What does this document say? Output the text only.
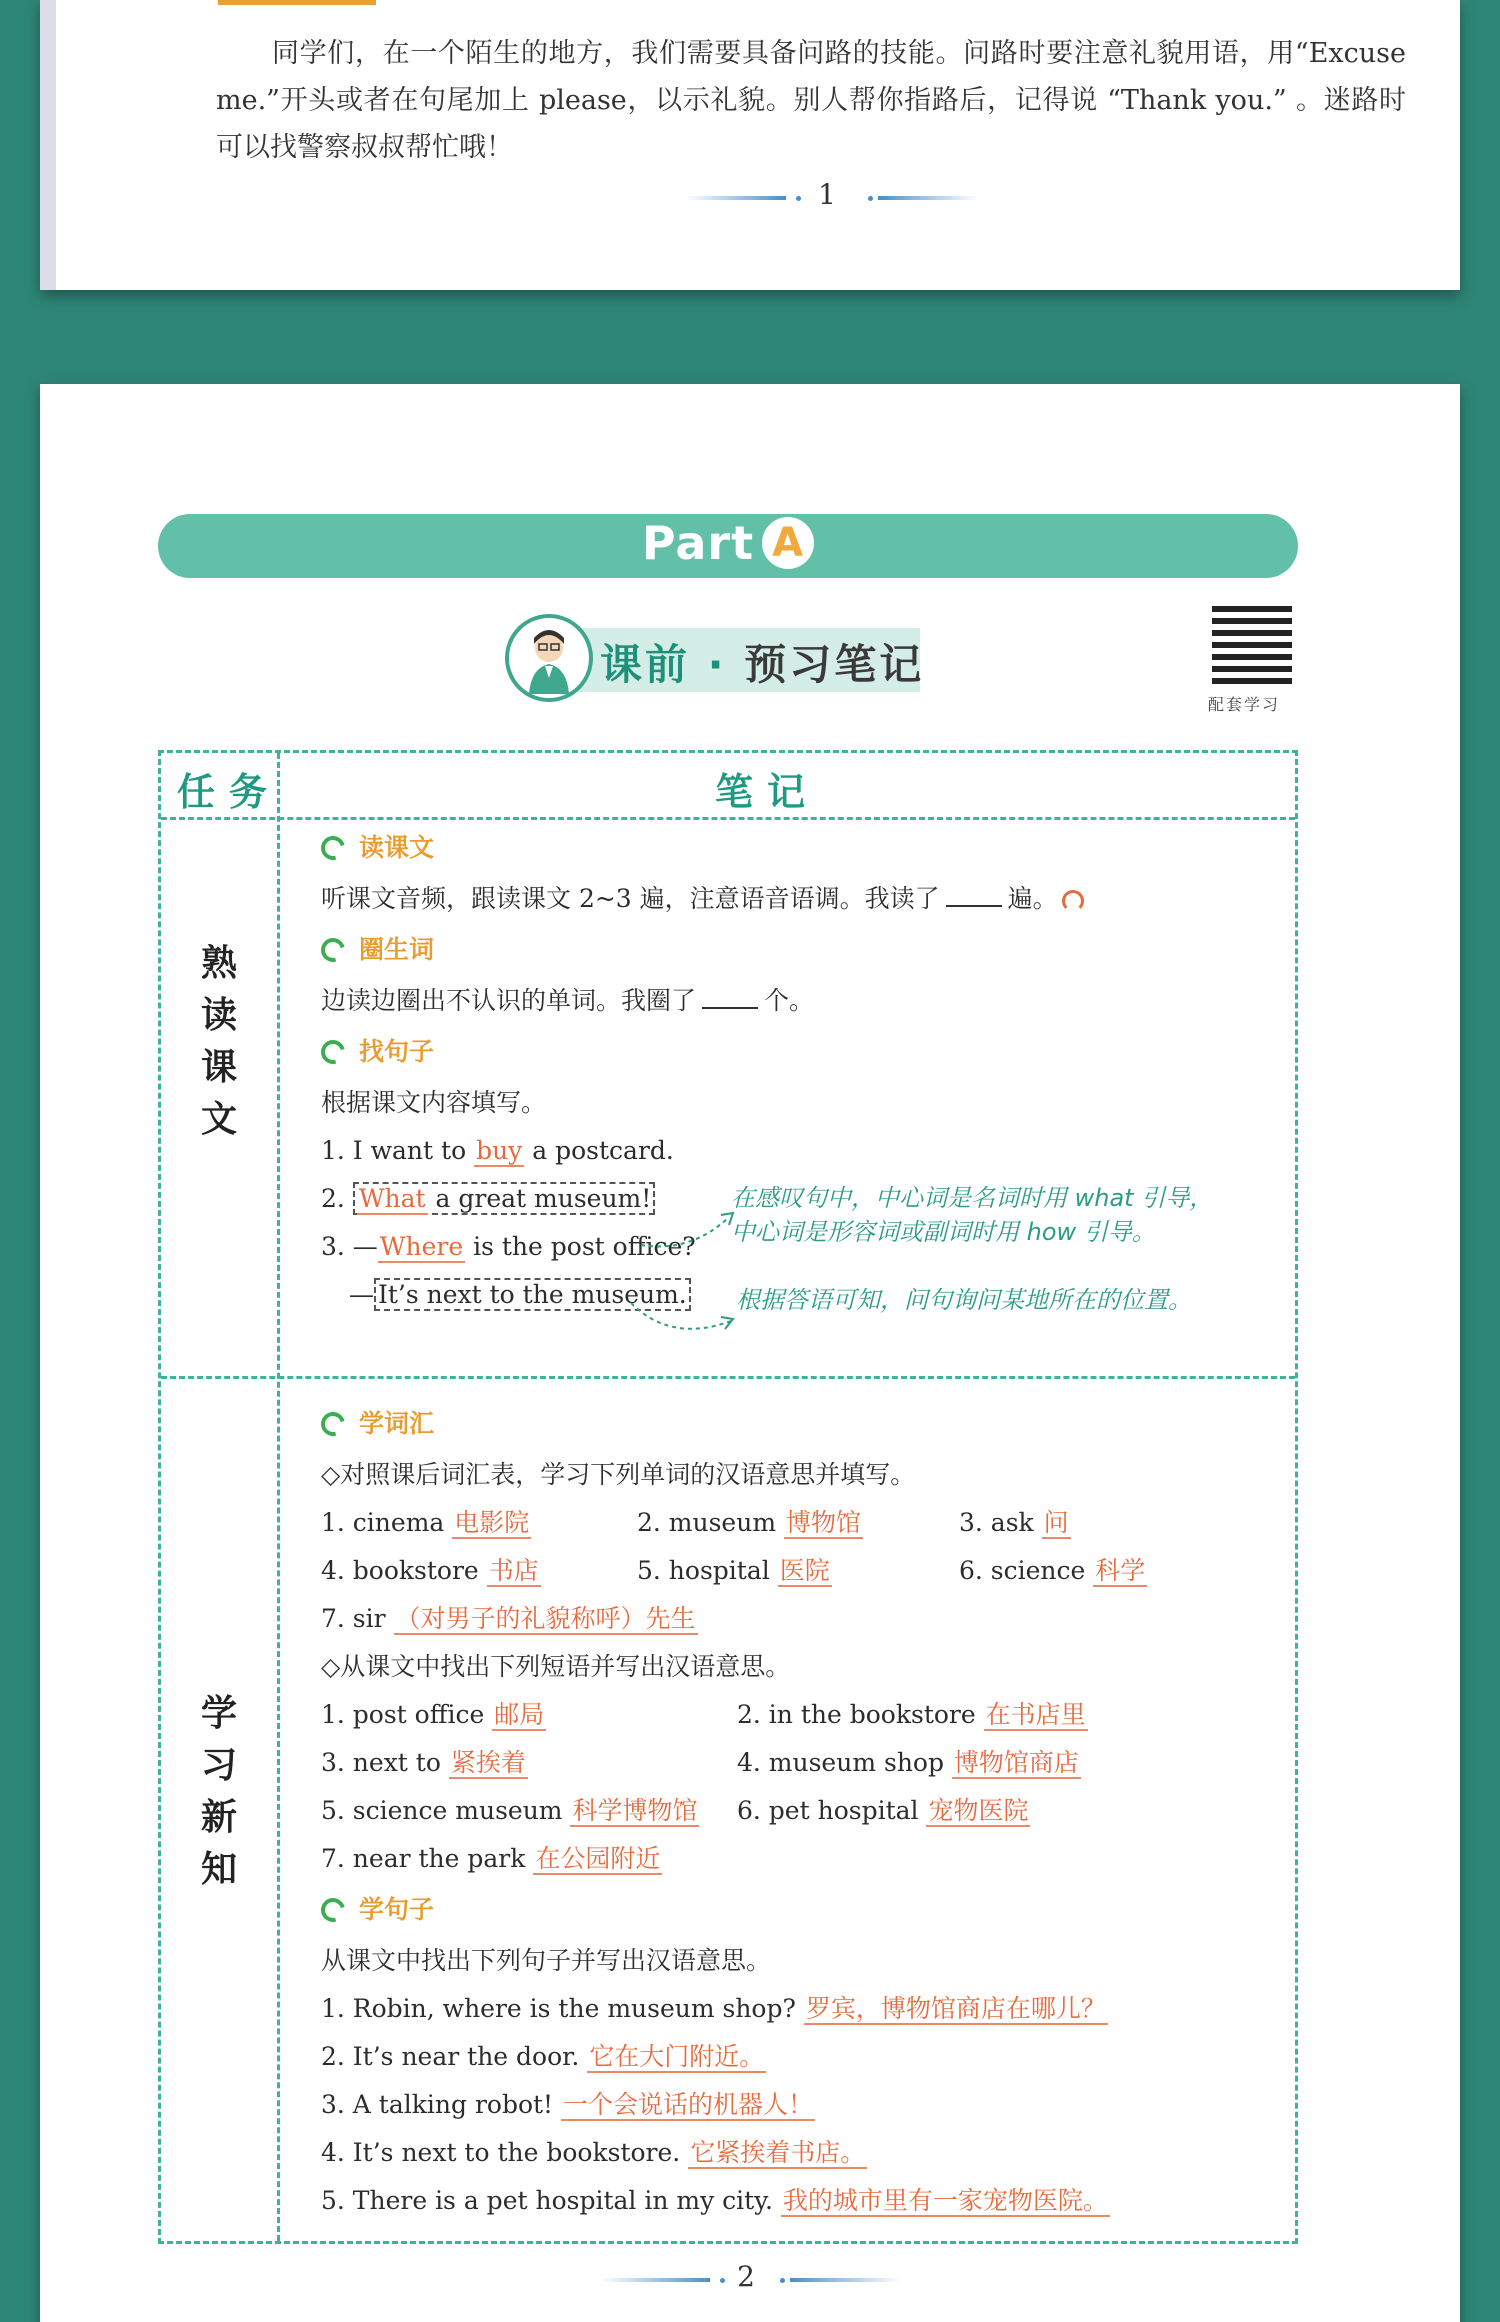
同学们，在一个陌生的地方，我们需要具备问路的技能。问路时要注意礼貌用语，用“Excuse me.”开头或者在句尾加上 please，以示礼貌。别人帮你指路后，记得说 “Thank you.” 。迷路时可以找警察叔叔帮忙哦！
1
Part A
课前 · 预习笔记
配套学习
任务	笔记
熟
读
课
文
读课文
听课文音频，跟读课文 2~3 遍，注意语音语调。我读了	遍。
圈生词
边读边圈出不认识的单词。我圈了	个。
找句子
根据课文内容填写。
1. I want to buy a postcard.
2. What a great museum!
3. —Where is the post office?
— It’s next to the museum.
在感叹句中，中心词是名词时用 what 引导，
中心词是形容词或副词时用 how 引导。
根据答语可知，问句询问某地所在的位置。
学
习
新
知
学词汇
◇对照课后词汇表，学习下列单词的汉语意思并填写。
1. cinema 电影院	2. museum 博物馆	3. ask 问
4. bookstore 书店	5. hospital 医院	6. science 科学
7. sir （对男子的礼貌称呼）先生
◇从课文中找出下列短语并写出汉语意思。
1. post office 邮局	2. in the bookstore 在书店里
3. next to 紧挨着	4. museum shop 博物馆商店
5. science museum 科学博物馆	6. pet hospital 宠物医院
7. near the park 在公园附近
学句子
从课文中找出下列句子并写出汉语意思。
1. Robin, where is the museum shop? 罗宾，博物馆商店在哪儿？
2. It’s near the door. 它在大门附近。
3. A talking robot! 一个会说话的机器人！
4. It’s next to the bookstore. 它紧挨着书店。
5. There is a pet hospital in my city. 我的城市里有一家宠物医院。
2
